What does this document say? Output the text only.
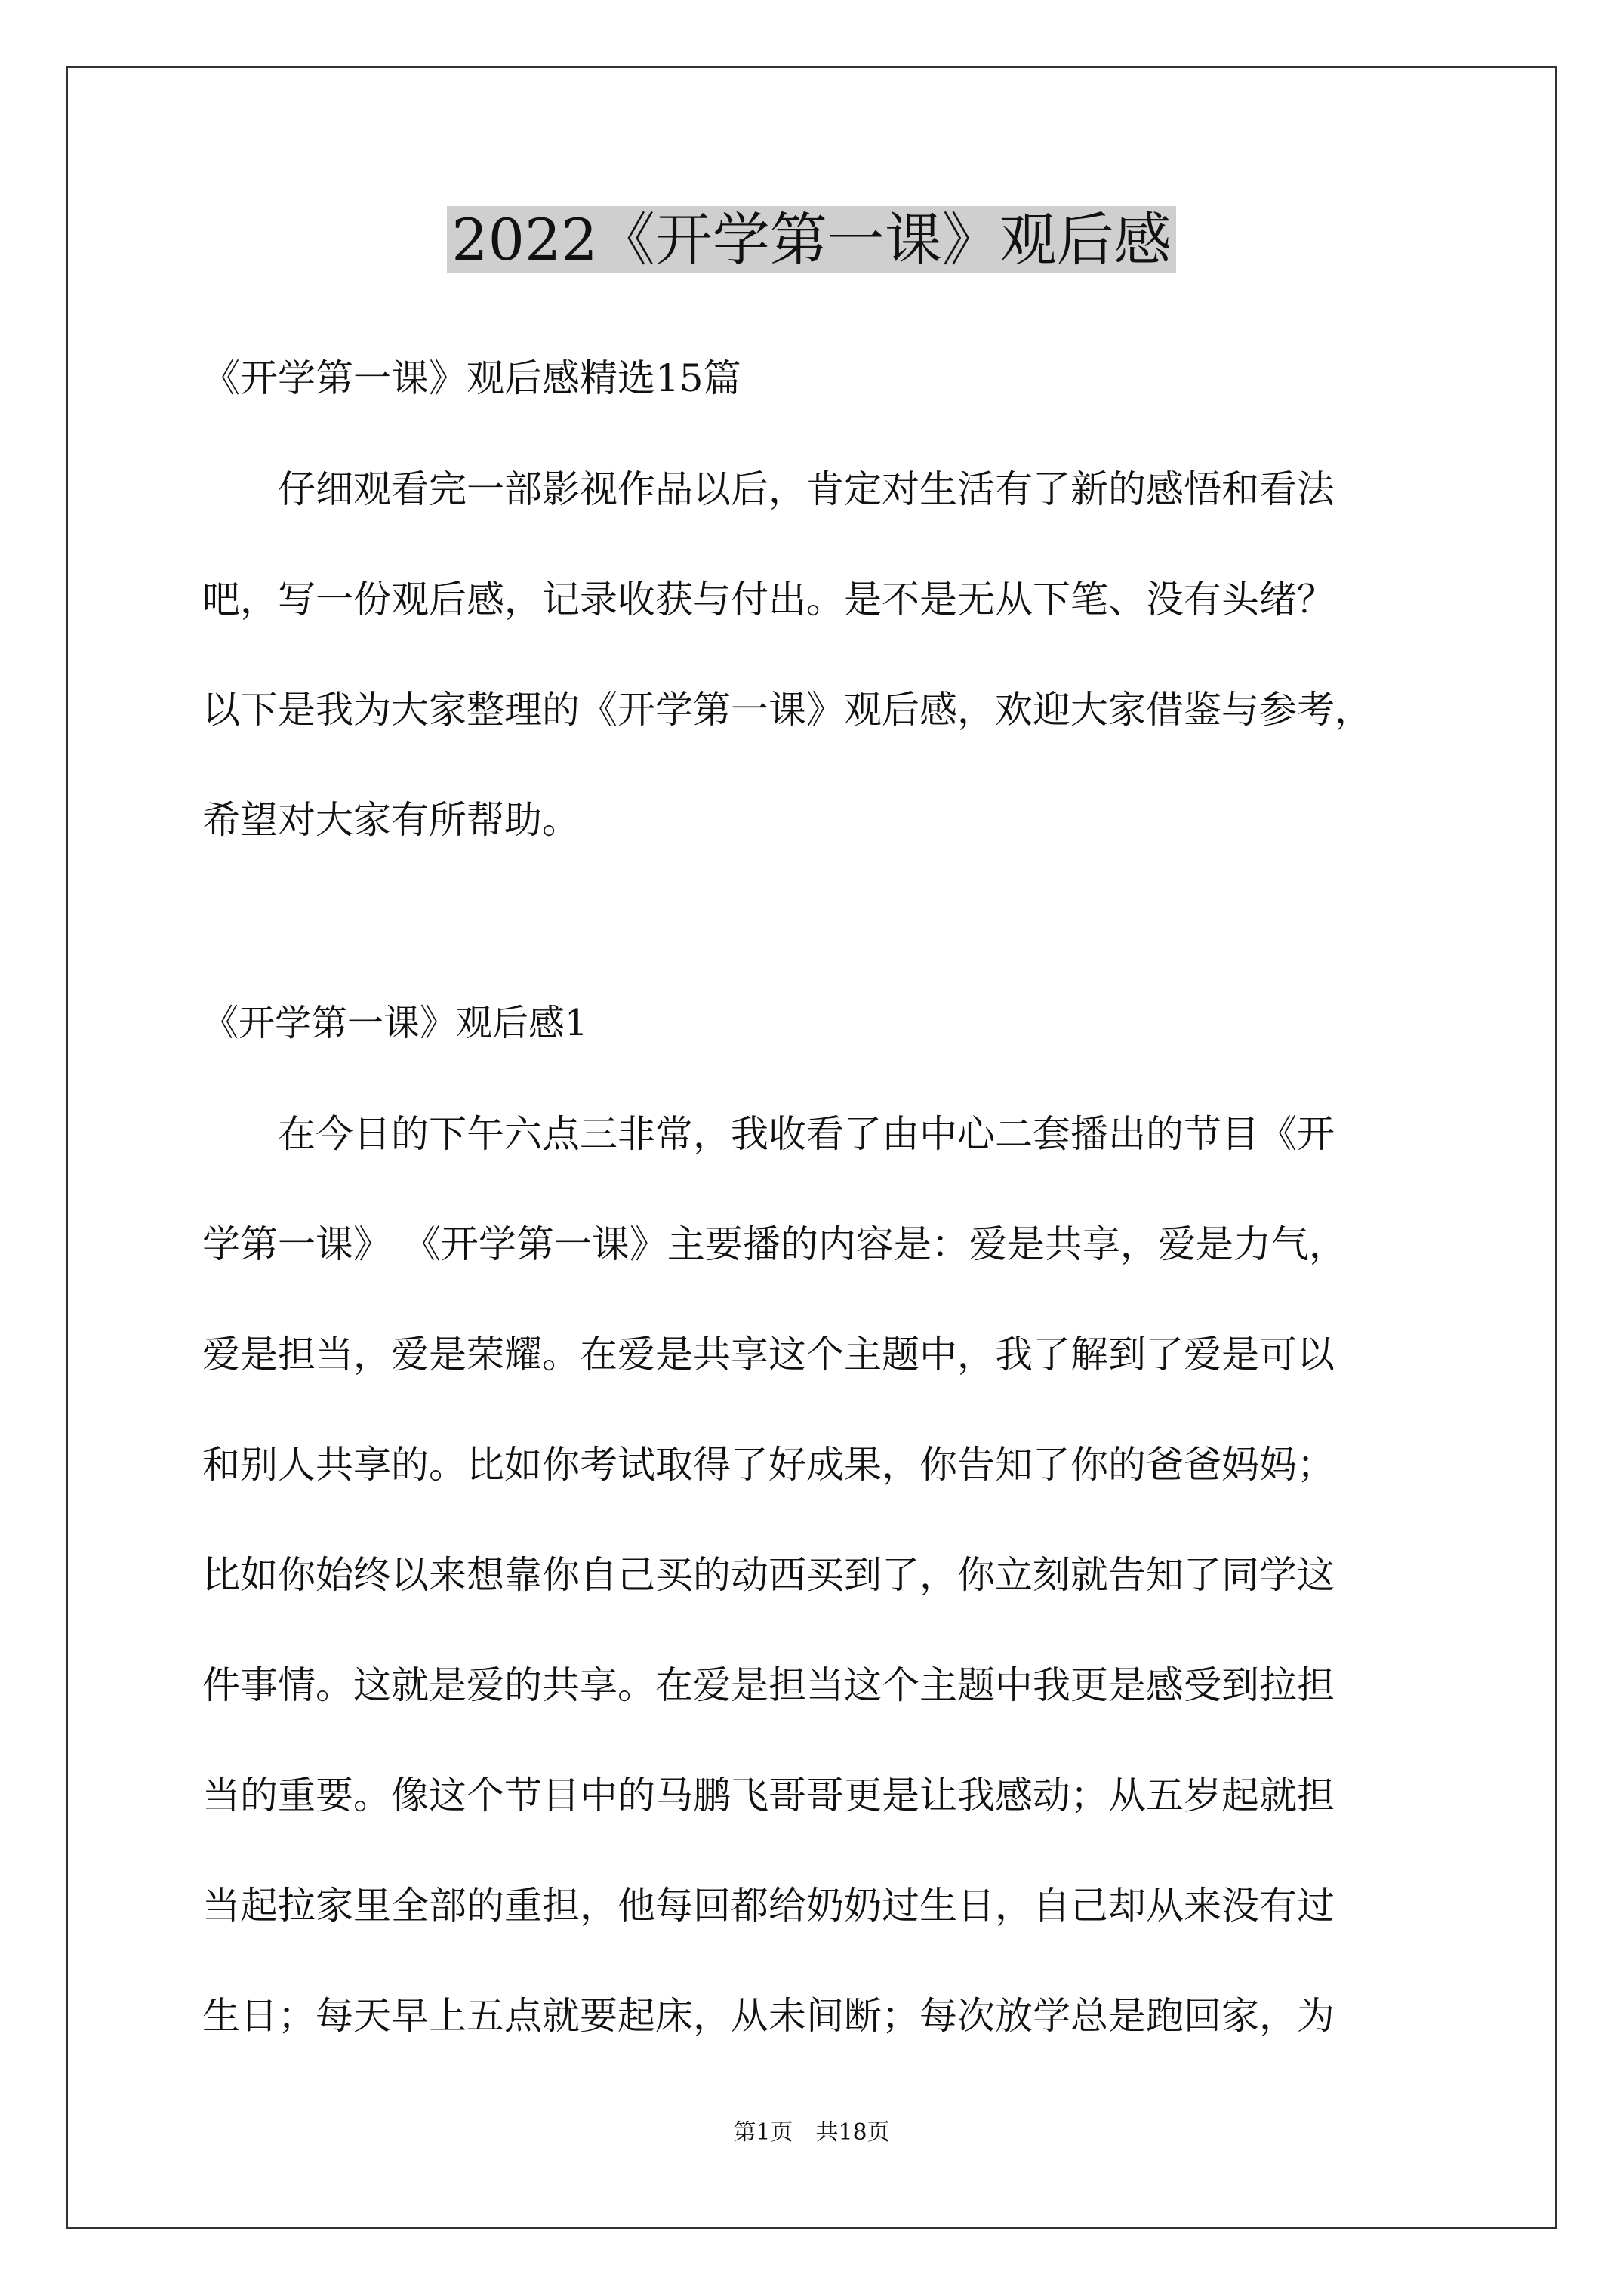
2022《开学第一课》观后感
《开学第一课》观后感精选15篇
仔细观看完一部影视作品以后，肯定对生活有了新的感悟和看法
吧，写一份观后感，记录收获与付出。是不是无从下笔、没有头绪？
以下是我为大家整理的《开学第一课》观后感，欢迎大家借鉴与参考，
希望对大家有所帮助。
《开学第一课》观后感1
在今日的下午六点三非常，我收看了由中心二套播出的节目《开
学第一课》 《开学第一课》主要播的内容是：爱是共享，爱是力气，
爱是担当，爱是荣耀。在爱是共享这个主题中，我了解到了爱是可以
和别人共享的。比如你考试取得了好成果，你告知了你的爸爸妈妈；
比如你始终以来想靠你自己买的动西买到了，你立刻就告知了同学这
件事情。这就是爱的共享。在爱是担当这个主题中我更是感受到拉担
当的重要。像这个节目中的马鹏飞哥哥更是让我感动；从五岁起就担
当起拉家里全部的重担，他每回都给奶奶过生日，自己却从来没有过
生日；每天早上五点就要起床，从未间断；每次放学总是跑回家，为
第1页　共18页
